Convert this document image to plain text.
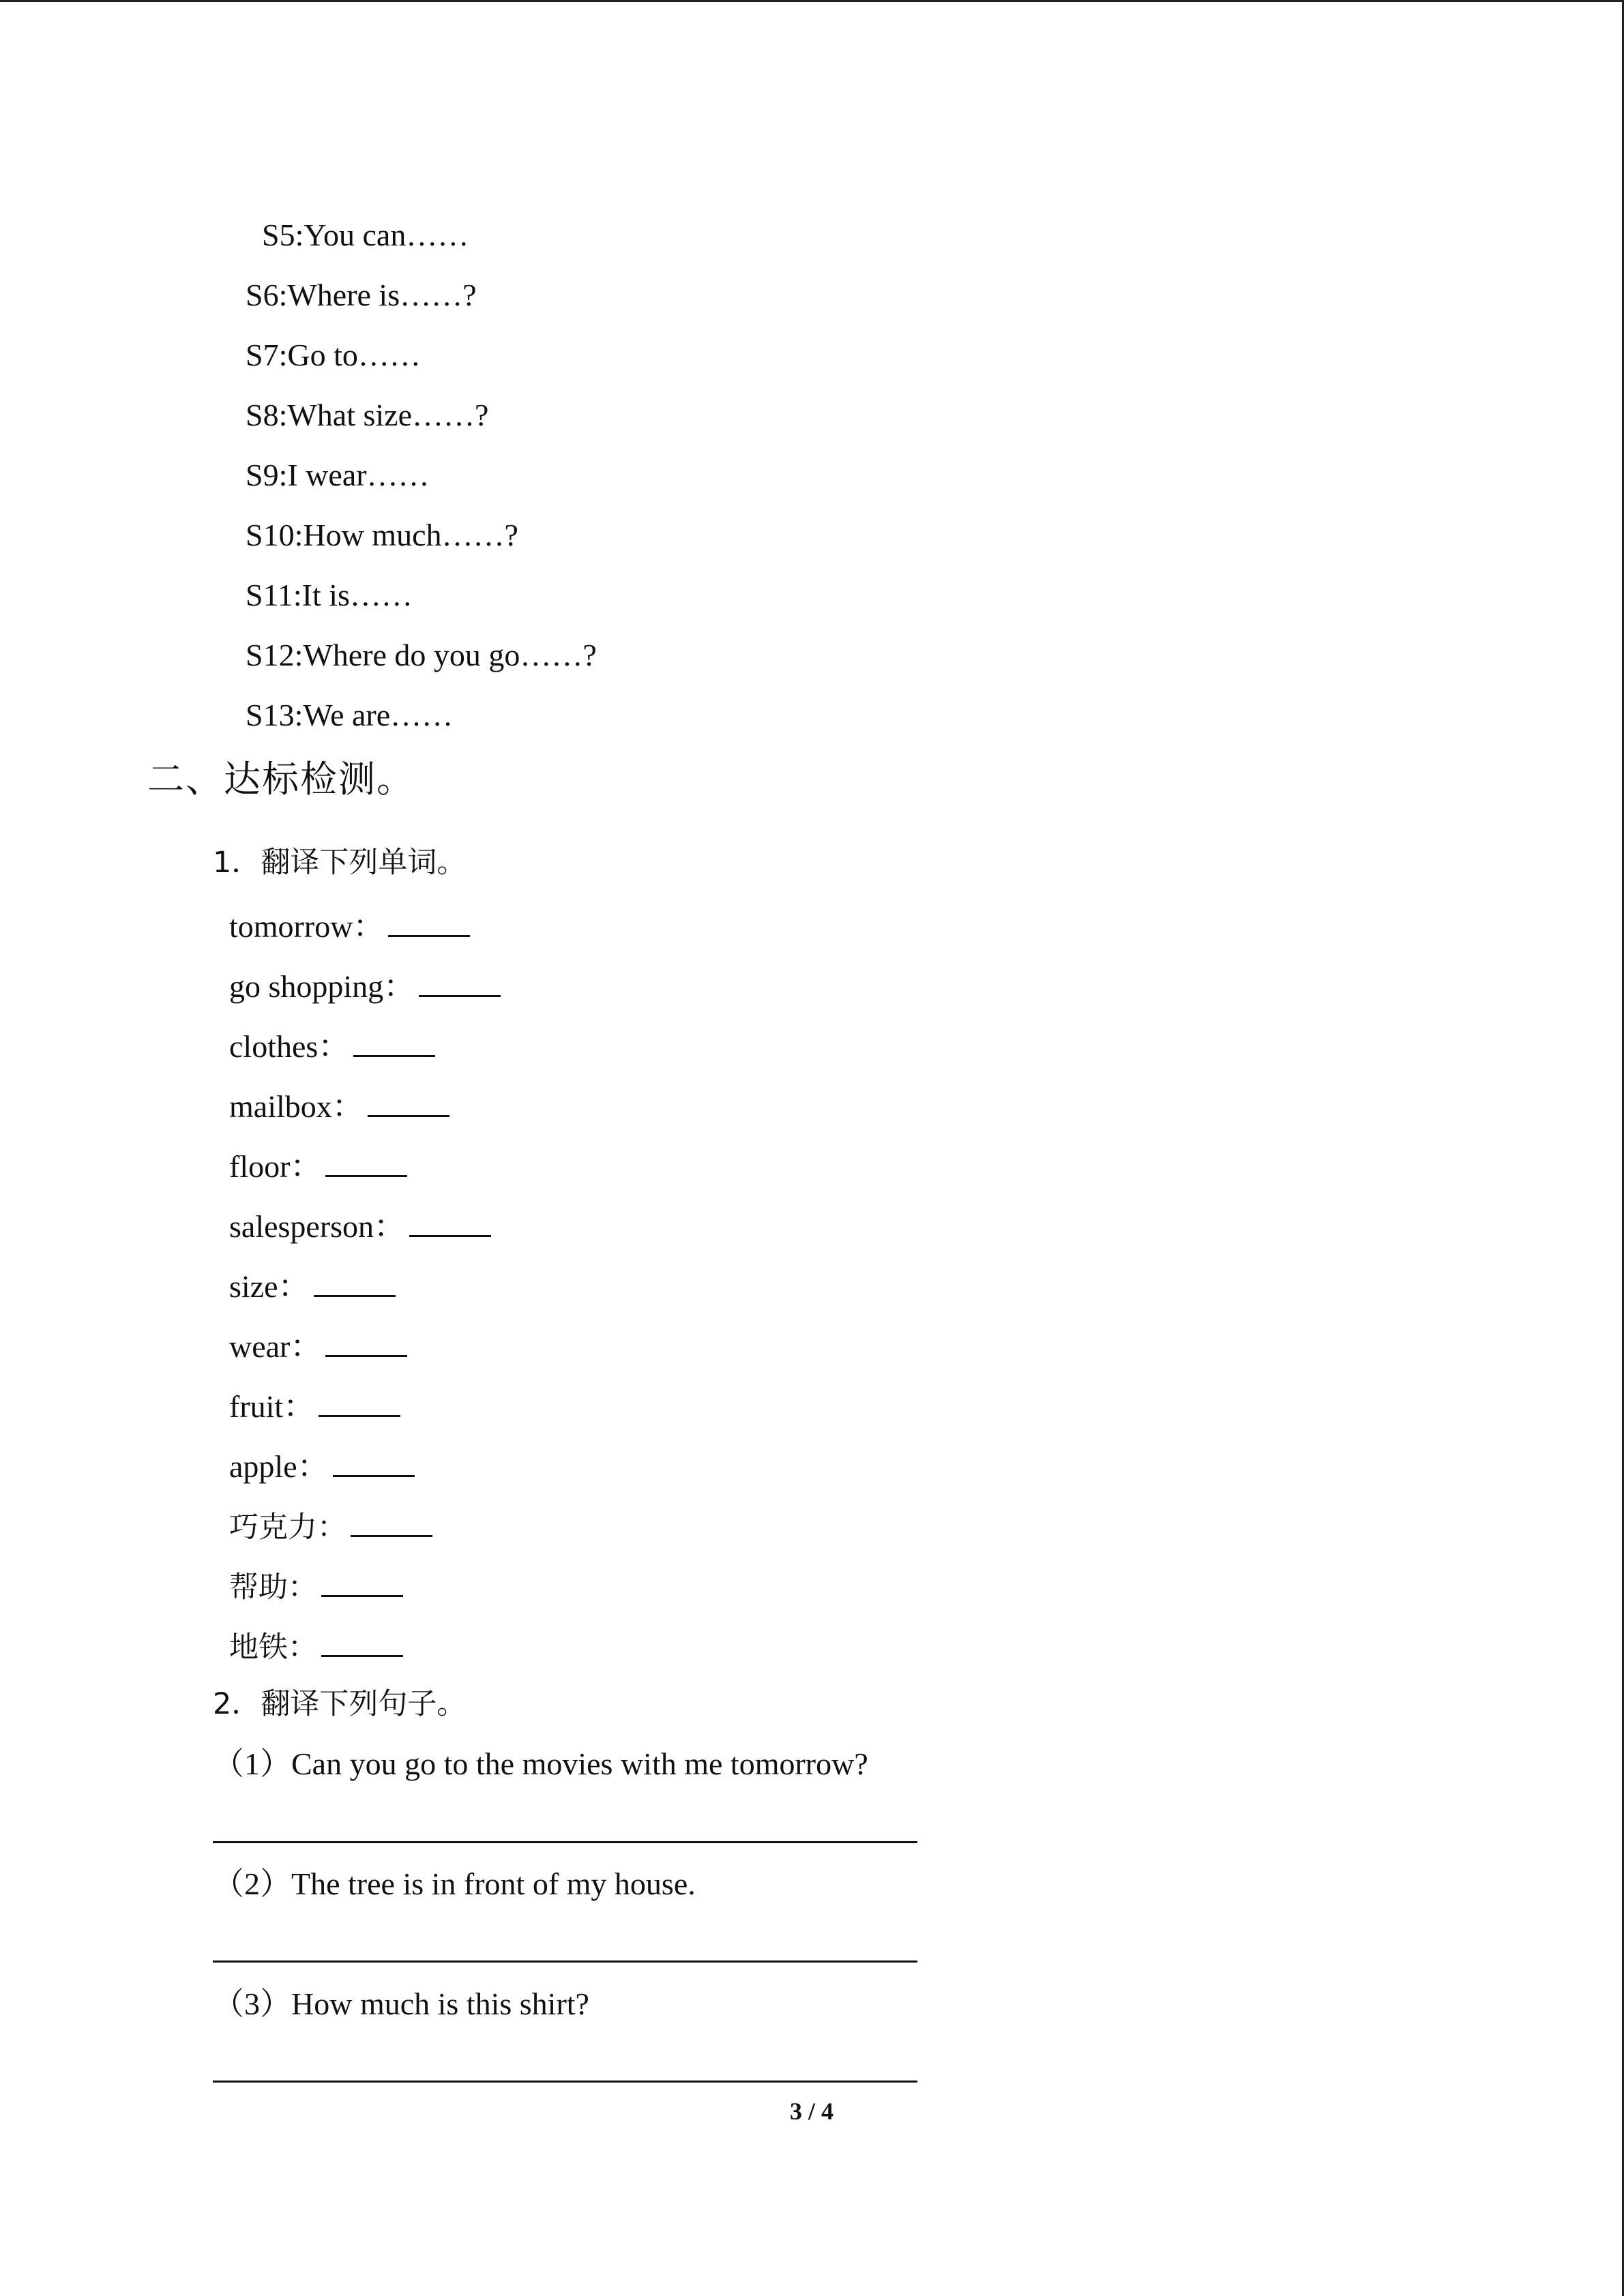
S5:You can……
S6:Where is……?
S7:Go to……
S8:What size……?
S9:I wear……
S10:How much……?
S11:It is……
S12:Where do you go……?
S13:We are……
二、达标检测。
1．翻译下列单词。
tomorrow：
go shopping：
clothes：
mailbox：
floor：
salesperson：
size：
wear：
fruit：
apple：
巧克力：
帮助：
地铁：
2．翻译下列句子。
（1）Can you go to the movies with me tomorrow?
（2）The tree is in front of my house.
（3）How much is this shirt?
3 / 4
